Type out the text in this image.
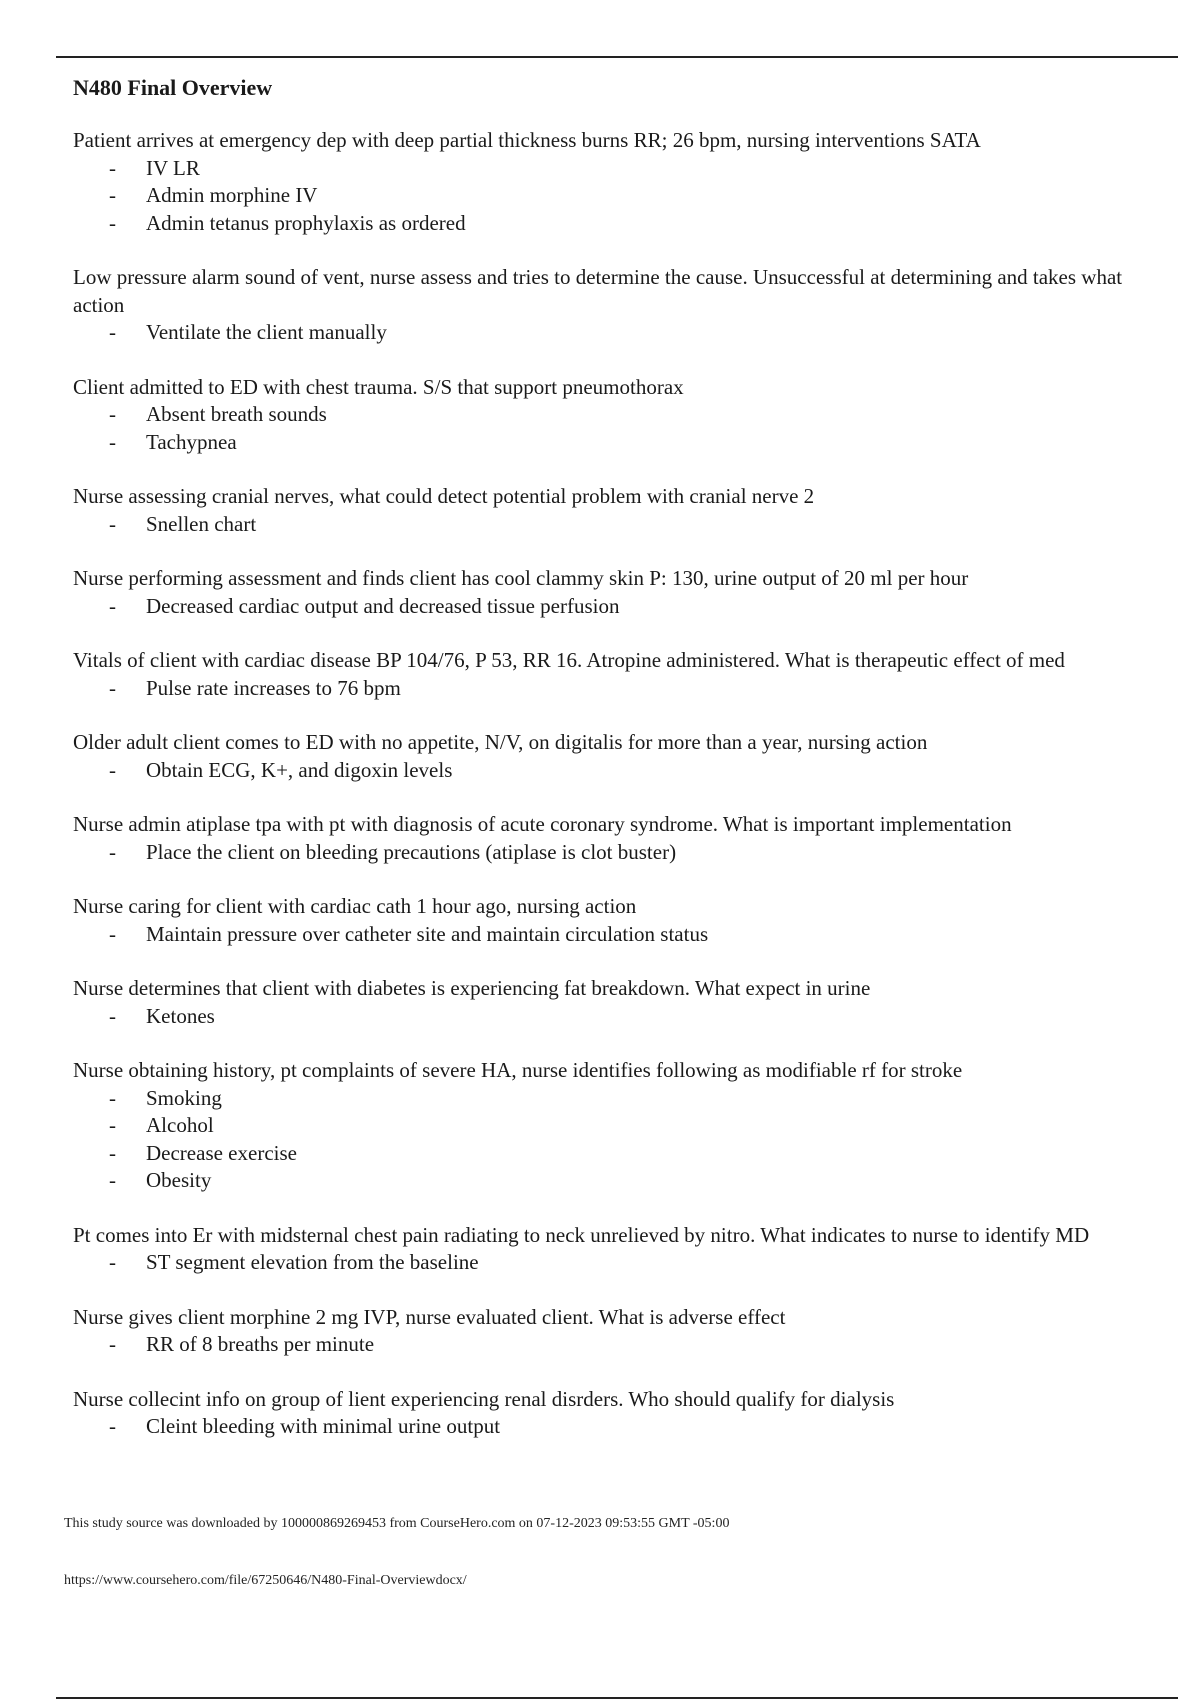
N480 Final Overview

Patient arrives at emergency dep with deep partial thickness burns RR; 26 bpm, nursing interventions SATA

- IV LR
- Admin morphine IV
- Admin tetanus prophylaxis as ordered

Low pressure alarm sound of vent, nurse assess and tries to determine the cause. Unsuccessful at determining and takes what action

- Ventilate the client manually

Client admitted to ED with chest trauma. S/S that support pneumothorax

- Absent breath sounds
- Tachypnea

Nurse assessing cranial nerves, what could detect potential problem with cranial nerve 2

- Snellen chart

Nurse performing assessment and finds client has cool clammy skin P: 130, urine output of 20 ml per hour

- Decreased cardiac output and decreased tissue perfusion

Vitals of client with cardiac disease BP 104/76, P 53, RR 16. Atropine administered. What is therapeutic effect of med

- Pulse rate increases to 76 bpm

Older adult client comes to ED with no appetite, N/V, on digitalis for more than a year, nursing action

- Obtain ECG, K+, and digoxin levels

Nurse admin atiplase tpa with pt with diagnosis of acute coronary syndrome. What is important implementation

- Place the client on bleeding precautions (atiplase is clot buster)

Nurse caring for client with cardiac cath 1 hour ago, nursing action

- Maintain pressure over catheter site and maintain circulation status

Nurse determines that client with diabetes is experiencing fat breakdown. What expect in urine

- Ketones

Nurse obtaining history, pt complaints of severe HA, nurse identifies following as modifiable rf for stroke

- Smoking
- Alcohol
- Decrease exercise
- Obesity

Pt comes into Er with midsternal chest pain radiating to neck unrelieved by nitro. What indicates to nurse to identify MD

- ST segment elevation from the baseline

Nurse gives client morphine 2 mg IVP, nurse evaluated client. What is adverse effect

- RR of 8 breaths per minute

Nurse collecint info on group of lient experiencing renal disrders. Who should qualify for dialysis

- Cleint bleeding with minimal urine output
This study source was downloaded by 100000869269453 from CourseHero.com on 07-12-2023 09:53:55 GMT -05:00
https://www.coursehero.com/file/67250646/N480-Final-Overviewdocx/
